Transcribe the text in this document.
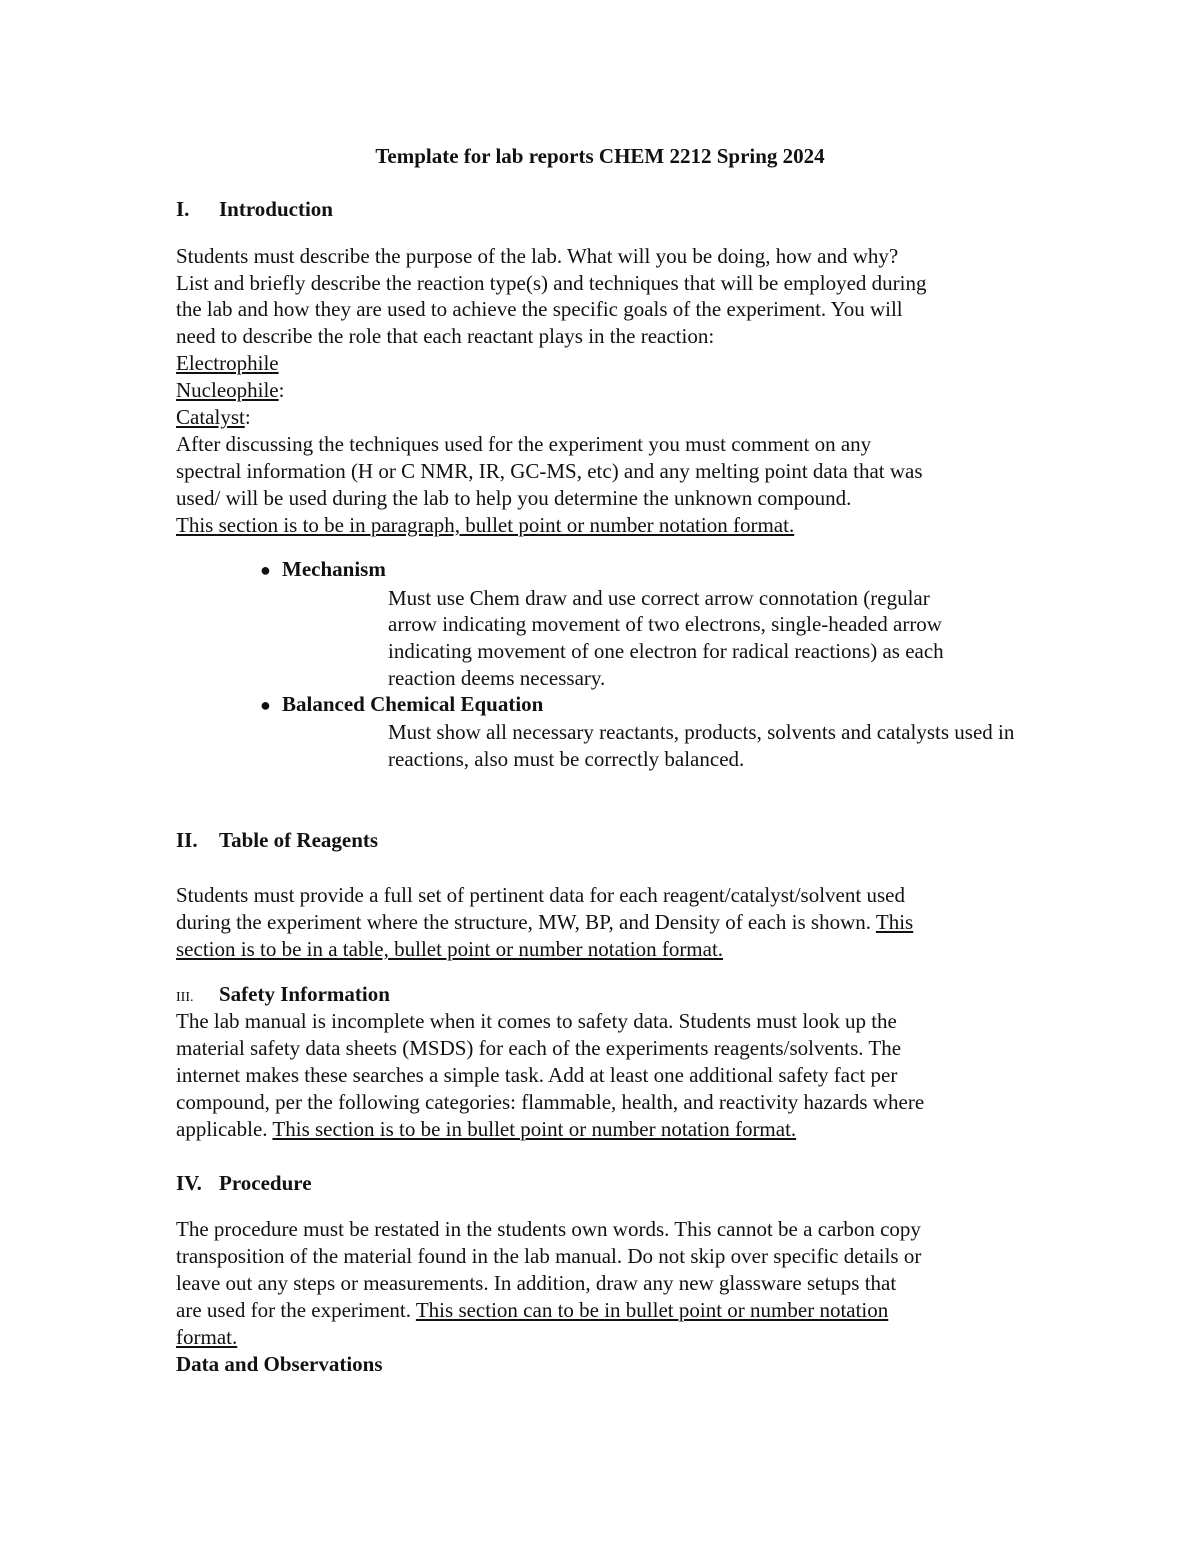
Template for lab reports CHEM 2212 Spring 2024
I. Introduction
Students must describe the purpose of the lab. What will you be doing, how and why?
List and briefly describe the reaction type(s) and techniques that will be employed during
the lab and how they are used to achieve the specific goals of the experiment. You will
need to describe the role that each reactant plays in the reaction:
Electrophile
Nucleophile:
Catalyst:
After discussing the techniques used for the experiment you must comment on any
spectral information (H or C NMR, IR, GC-MS, etc) and any melting point data that was
used/ will be used during the lab to help you determine the unknown compound.
This section is to be in paragraph, bullet point or number notation format.
● Mechanism
Must use Chem draw and use correct arrow connotation (regular
arrow indicating movement of two electrons, single-headed arrow
indicating movement of one electron for radical reactions) as each
reaction deems necessary.
● Balanced Chemical Equation
Must show all necessary reactants, products, solvents and catalysts used in
reactions, also must be correctly balanced.
II. Table of Reagents
Students must provide a full set of pertinent data for each reagent/catalyst/solvent used
during the experiment where the structure, MW, BP, and Density of each is shown. This
section is to be in a table, bullet point or number notation format.
III. Safety Information
The lab manual is incomplete when it comes to safety data. Students must look up the
material safety data sheets (MSDS) for each of the experiments reagents/solvents. The
internet makes these searches a simple task. Add at least one additional safety fact per
compound, per the following categories: flammable, health, and reactivity hazards where
applicable. This section is to be in bullet point or number notation format.
IV. Procedure
The procedure must be restated in the students own words. This cannot be a carbon copy
transposition of the material found in the lab manual. Do not skip over specific details or
leave out any steps or measurements. In addition, draw any new glassware setups that
are used for the experiment. This section can to be in bullet point or number notation
format.
Data and Observations
